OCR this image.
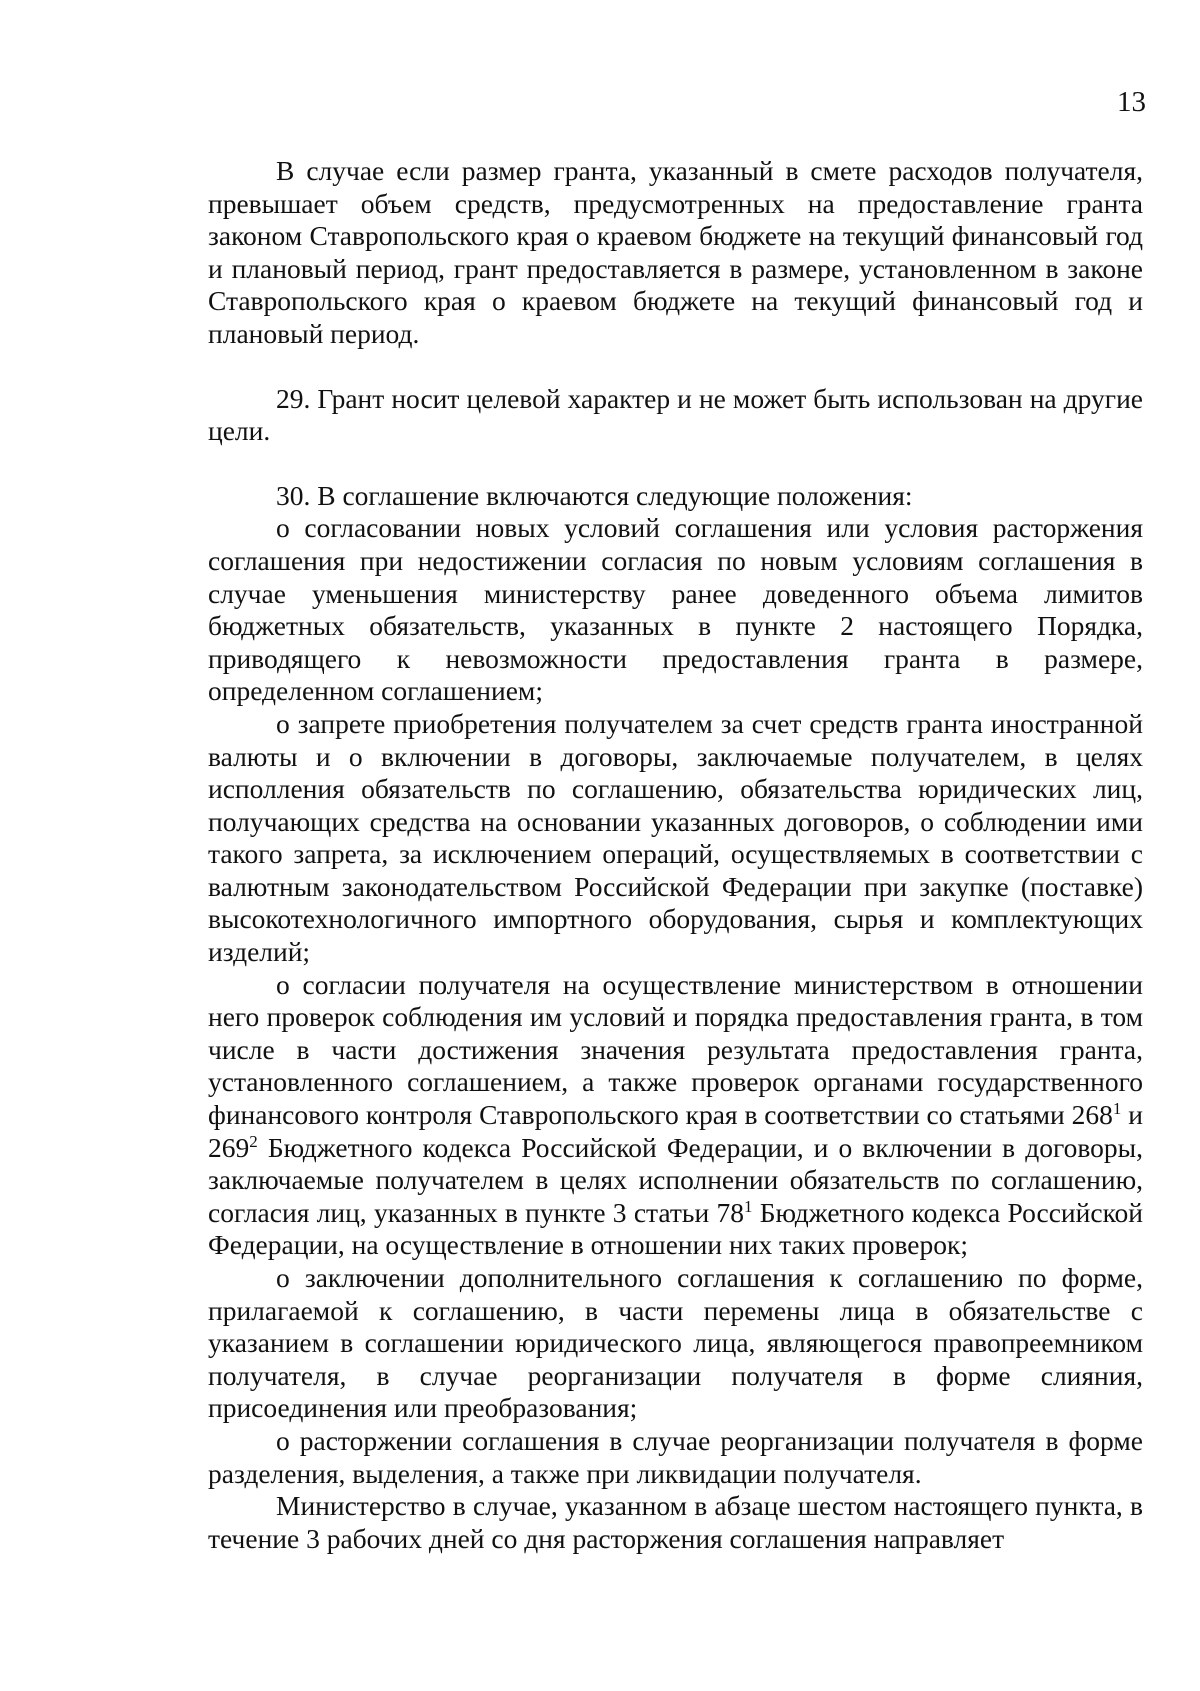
13

В случае если размер гранта, указанный в смете расходов получателя, превышает объем средств, предусмотренных на предоставление гранта законом Ставропольского края о краевом бюджете на текущий финансовый год и плановый период, грант предоставляется в размере, установленном в законе Ставропольского края о краевом бюджете на текущий финансовый год и плановый период.

29. Грант носит целевой характер и не может быть использован на другие цели.

30. В соглашение включаются следующие положения:

о согласовании новых условий соглашения или условия расторжения соглашения при недостижении согласия по новым условиям соглашения в случае уменьшения министерству ранее доведенного объема лимитов бюджетных обязательств, указанных в пункте 2 настоящего Порядка, приводящего к невозможности предоставления гранта в размере, определенном соглашением;

о запрете приобретения получателем за счет средств гранта иностранной валюты и о включении в договоры, заключаемые получателем, в целях исполления обязательств по соглашению, обязательства юридических лиц, получающих средства на основании указанных договоров, о соблюдении ими такого запрета, за исключением операций, осуществляемых в соответствии с валютным законодательством Российской Федерации при закупке (поставке) высокотехнологичного импортного оборудования, сырья и комплектующих изделий;

о согласии получателя на осуществление министерством в отношении него проверок соблюдения им условий и порядка предоставления гранта, в том числе в части достижения значения результата предоставления гранта, установленного соглашением, а также проверок органами государственного финансового контроля Ставропольского края в соответствии со статьями $268^1$ и $269^2$ Бюджетного кодекса Российской Федерации, и о включении в договоры, заключаемые получателем в целях исполнении обязательств по соглашению, согласия лиц, указанных в пункте 3 статьи $78^1$ Бюджетного кодекса Российской Федерации, на осуществление в отношении них таких проверок;

о заключении дополнительного соглашения к соглашению по форме, прилагаемой к соглашению, в части перемены лица в обязательстве с указанием в соглашении юридического лица, являющегося правопреемником получателя, в случае реорганизации получателя в форме слияния, присоединения или преобразования;

о расторжении соглашения в случае реорганизации получателя в форме разделения, выделения, а также при ликвидации получателя.

Министерство в случае, указанном в абзаце шестом настоящего пункта, в течение 3 рабочих дней со дня расторжения соглашения направляет
